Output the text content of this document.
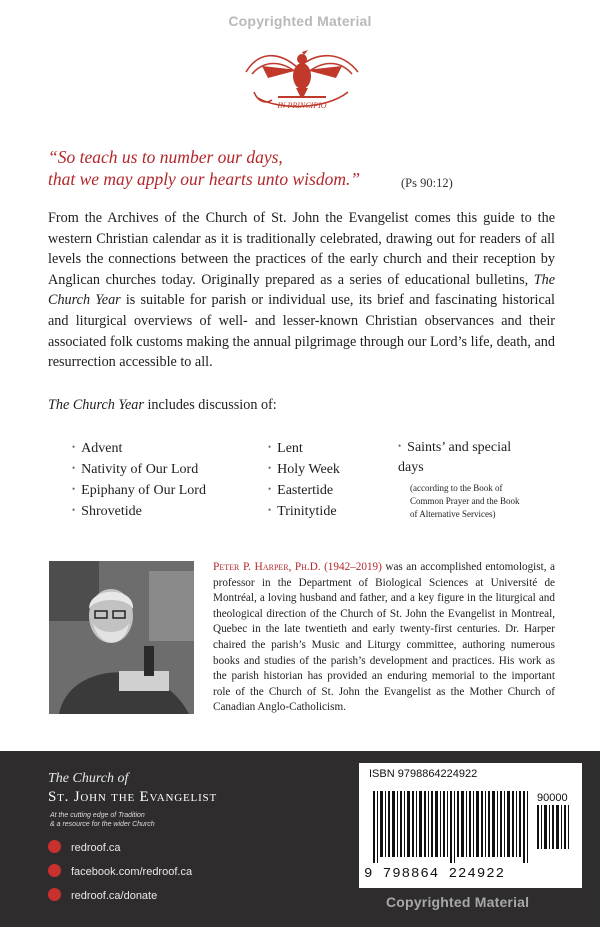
Copyrighted Material
IN PRINCIPIO
“So teach us to number our days,
that we may apply our hearts unto wisdom.”	(Ps 90:12)
From the Archives of the Church of St. John the Evangelist comes this guide to the western Christian calendar as it is traditionally celebrated, drawing out for readers of all levels the connections between the practices of the early church and their reception by Anglican churches today. Originally prepared as a series of educational bulletins, The Church Year is suitable for parish or individual use, its brief and fascinating historical and liturgical overviews of well- and lesser-known Christian observances and their associated folk customs making the annual pilgrimage through our Lord’s life, death, and resurrection accessible to all.
The Church Year includes discussion of:
• Advent
• Nativity of Our Lord
• Epiphany of Our Lord
• Shrovetide
• Lent
• Holy Week
• Eastertide
• Trinitytide
• Saints’ and special days
(according to the Book of Common Prayer and the Book of Alternative Services)
Peter P. Harper, Ph.D. (1942–2019) was an accomplished entomologist, a professor in the Department of Biological Sciences at Université de Montréal, a loving husband and father, and a key figure in the liturgical and theological direction of the Church of St. John the Evangelist in Montreal, Quebec in the late twentieth and early twenty-first centuries. Dr. Harper chaired the parish’s Music and Liturgy committee, authoring numerous books and studies of the parish’s development and practices. His work as the parish historian has provided an enduring memorial to the important role of the Church of St. John the Evangelist as the Mother Church of Canadian Anglo-Catholicism.
The Church of
St. John the Evangelist
At the cutting edge of Tradition
& a resource for the wider Church
redroof.ca
facebook.com/redroof.ca
redroof.ca/donate
ISBN 9798864224922
90000
9 798864 224922
Copyrighted Material
